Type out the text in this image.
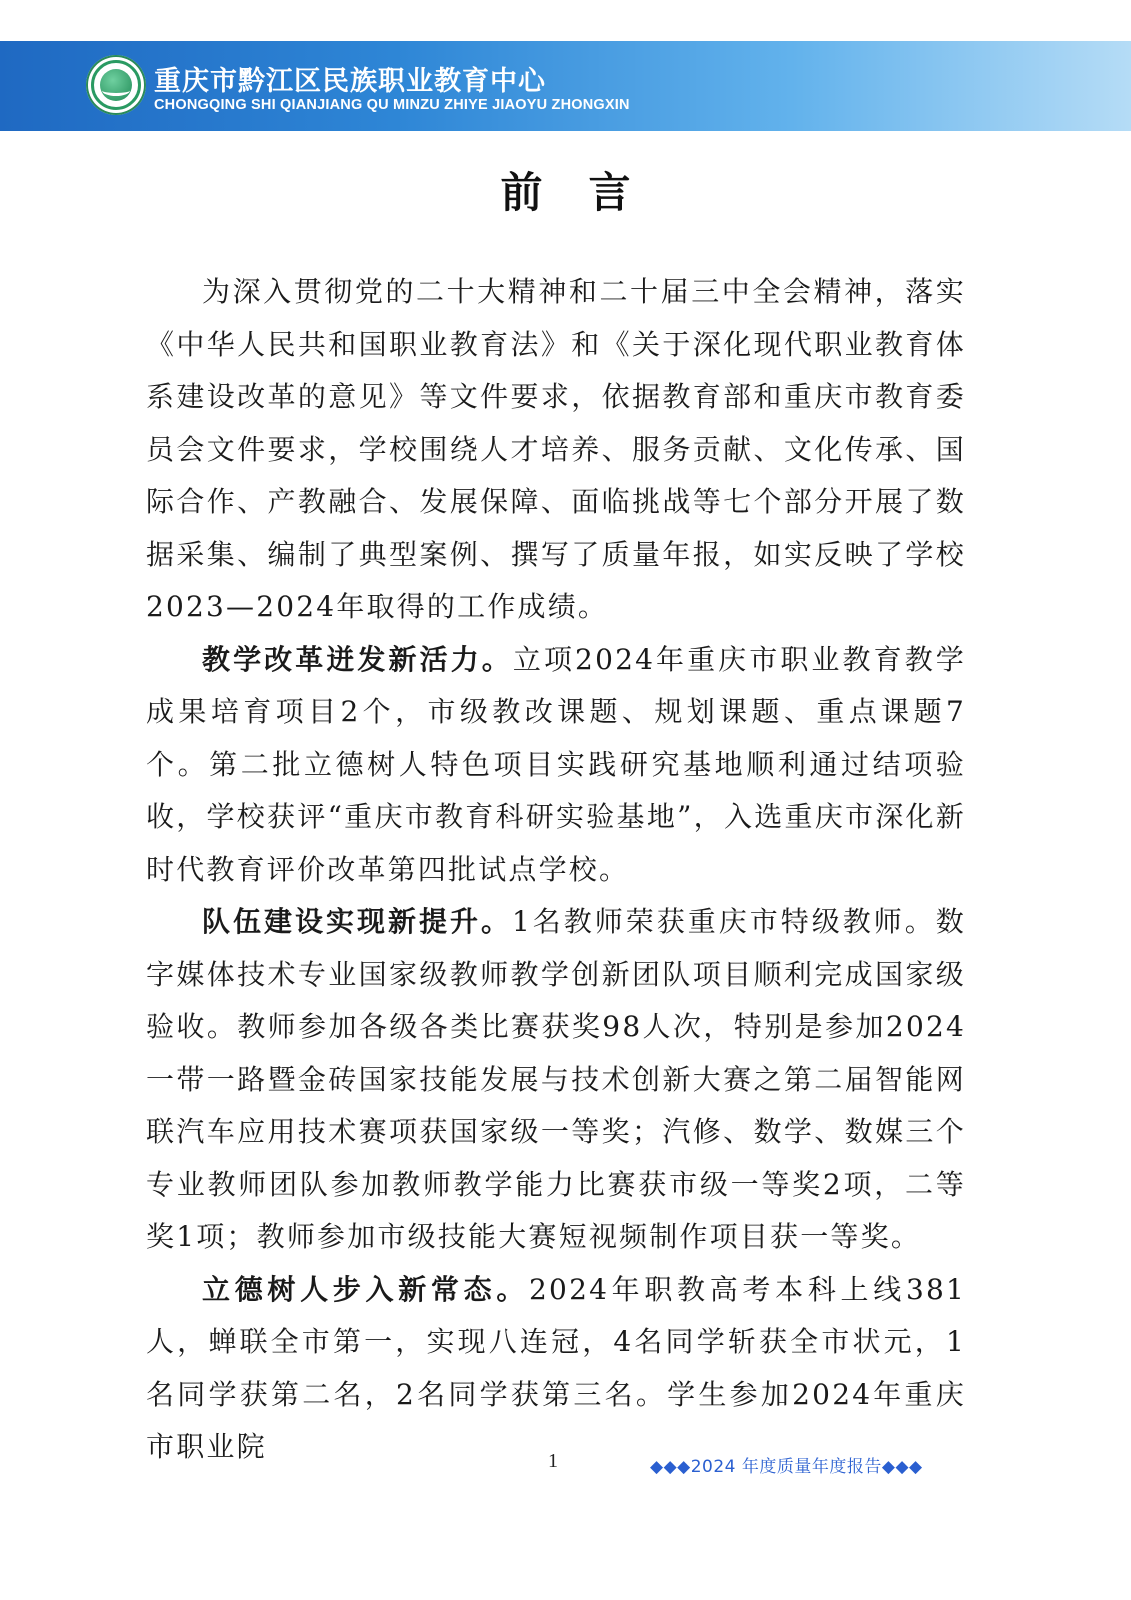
重庆市黔江区民族职业教育中心
CHONGQING SHI QIANJIANG QU MINZU ZHIYE JIAOYU ZHONGXIN
前 言

为深入贯彻党的二十大精神和二十届三中全会精神，落实《中华人民共和国职业教育法》和《关于深化现代职业教育体系建设改革的意见》等文件要求，依据教育部和重庆市教育委员会文件要求，学校围绕人才培养、服务贡献、文化传承、国际合作、产教融合、发展保障、面临挑战等七个部分开展了数据采集、编制了典型案例、撰写了质量年报，如实反映了学校2023—2024年取得的工作成绩。

教学改革迸发新活力。立项2024年重庆市职业教育教学成果培育项目2个，市级教改课题、规划课题、重点课题7个。第二批立德树人特色项目实践研究基地顺利通过结项验收，学校获评“重庆市教育科研实验基地”，入选重庆市深化新时代教育评价改革第四批试点学校。

队伍建设实现新提升。1名教师荣获重庆市特级教师。数字媒体技术专业国家级教师教学创新团队项目顺利完成国家级验收。教师参加各级各类比赛获奖98人次，特别是参加2024一带一路暨金砖国家技能发展与技术创新大赛之第二届智能网联汽车应用技术赛项获国家级一等奖；汽修、数学、数媒三个专业教师团队参加教师教学能力比赛获市级一等奖2项，二等奖1项；教师参加市级技能大赛短视频制作项目获一等奖。

立德树人步入新常态。2024年职教高考本科上线381人，蝉联全市第一，实现八连冠，4名同学斩获全市状元，1名同学获第二名，2名同学获第三名。学生参加2024年重庆市职业院	1	◆◆◆2024 年度质量年度报告◆◆◆
